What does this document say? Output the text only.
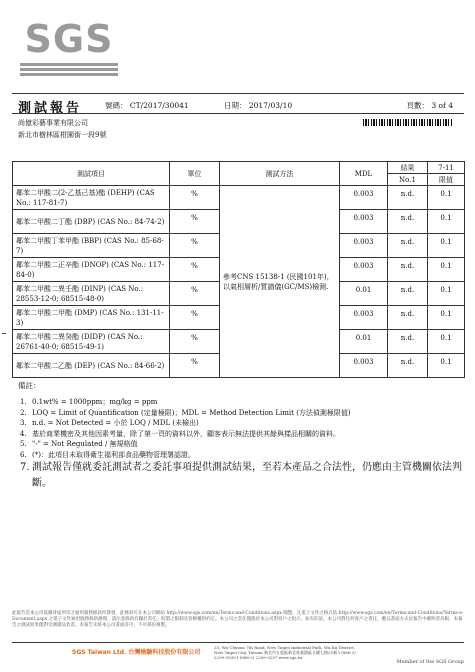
SGS
測試報告	號碼： CT/2017/30041	日期： 2017/03/10	頁數： 3 of 4
尚億彩藝事業有限公司
新北市樹林區柑園街一段9號
測試項目	單位	測試方法	MDL	結果	7-11
				No.1	限值
鄰苯二甲酸二(2-乙基己基)酯 (DEHP) (CAS No.: 117-81-7)	%	參考CNS 15138-1 (民國101年)，以氣相層析/質譜儀(GC/MS)檢測.	0.003	n.d.	0.1
鄰苯二甲酸二丁酯 (DBP) (CAS No.: 84-74-2)	%		0.003	n.d.	0.1
鄰苯二甲酸丁苯甲酯 (BBP) (CAS No.: 85-68-7)	%		0.003	n.d.	0.1
鄰苯二甲酸二正辛酯 (DNOP) (CAS No.: 117-84-0)	%		0.003	n.d.	0.1
鄰苯二甲酸二異壬酯 (DINP) (CAS No.: 28553-12-0; 68515-48-0)	%		0.01	n.d.	0.1
鄰苯二甲酸二甲酯 (DMP) (CAS No.: 131-11-3)	%		0.003	n.d.	0.1
鄰苯二甲酸二異癸酯 (DIDP) (CAS No.: 26761-40-0; 68515-49-1)	%		0.01	n.d.	0.1
鄰苯二甲酸二乙酯 (DEP) (CAS No.: 84-66-2)	%		0.003	n.d.	0.1
備註：
1. 0.1wt% = 1000ppm；mg/kg = ppm
2. LOQ = Limit of Quantification (定量極限)；MDL = Method Detection Limit (方法偵測極限值)
3. n.d. = Not Detected = 小於 LOQ / MDL (未檢出)
4. 基於商業機密及其他因素考量，除了第一頁的資料以外，顧客表示無法提供其餘與樣品相關的資料。
5. "-" = Not Regulated / 無規格值
6. (*)：此項目未取得衛生福利部食品藥物管理署認證。
7. 測試報告僅就委託測試者之委託事項提供測試結果，至若本產品之合法性，仍應由主管機關依法判斷。
此報告是本公司依據背面所印之通用服務條款所簽發，此條款可在本公司網站 http://www.sgs.com/en/Terms-and-Conditions.aspx 閱覽，凡電子文件之格式依 http://www.sgs.com/en/Terms-and-Conditions/Terms-e-Document.aspx 之電子文件通用服務條款辦理。請注意條款有關於責任、賠償之限制及管轄權的約定。本公司之責任僅限於本公司對客戶之指示，如有的話。本公司對任何客戶之責任，應以書面方式於報告中載明者為限。本報告之測試結果僅對受測樣品負責。本報告未經本公司書面許可，不可部份複製。
SGS Taiwan Ltd. 台灣檢驗科技股份有限公司
25, Wu Chyuan 7th Road, New Taipei Industrial Park, Wu Ku District, New Taipei City, Taiwan 新北市五股區新北產業園區五權七路25號 t (886-2) 2299-3939 f (886-2) 2299-3237 www.sgs.tw
Member of the SGS Group
